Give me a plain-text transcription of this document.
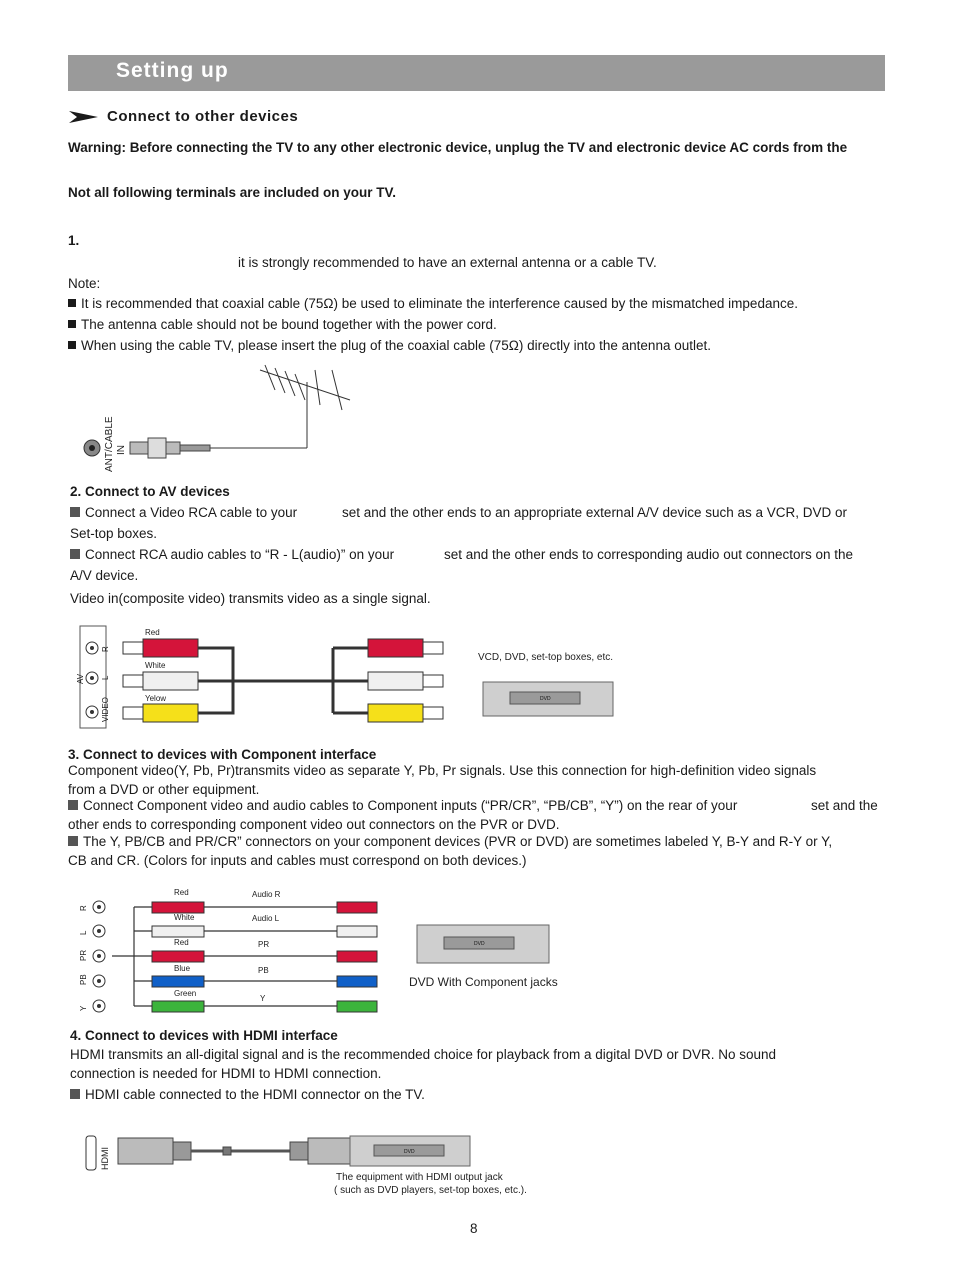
Setting up
Connect to other devices
Warning: Before connecting the TV to any other electronic device, unplug the TV and electronic device AC cords from the
Not all following terminals are included on your TV.
1.
it is strongly recommended to have an external antenna or a cable TV.
Note:
It is recommended that coaxial cable (75Ω) be used to eliminate the interference caused by the mismatched impedance.
The antenna cable should not be bound together with the power cord.
When using the cable TV, please insert the plug of the coaxial cable (75Ω) directly into the antenna outlet.
ANT/CABLE IN
2. Connect to AV devices
Connect a Video RCA cable to your	set and the other ends to an appropriate external A/V device such as a VCR, DVD or
Set-top boxes.
Connect RCA audio cables to “R - L(audio)” on your	set and the other ends to corresponding audio out connectors on the
A/V device.
Video in(composite video) transmits video as a single signal.
AV
R
L
VIDEO
Red
White
Yelow
VCD, DVD, set-top boxes, etc.
DVD
3. Connect to devices with Component interface
Component video(Y, Pb, Pr)transmits video as separate Y, Pb, Pr signals. Use this connection for high-definition video signals
from a DVD or other equipment.
Connect Component video and audio cables to Component inputs (“PR/CR”, “PB/CB”, “Y”) on the rear of your	set and the
other ends to corresponding component video out connectors on the PVR or DVD.
The Y, PB/CB and PR/CR” connectors on your component devices (PVR or DVD) are sometimes labeled Y, B-Y and R-Y or Y,
CB and CR. (Colors for inputs and cables must correspond on both devices.)
R
L
PR
PB
Y
Red
White
Red
Blue
Green
Audio R
Audio L
PR
PB
Y
DVD
DVD With Component jacks
4. Connect to devices with HDMI interface
HDMI transmits an all-digital signal and is the recommended choice for playback from a digital DVD or DVR. No sound
connection is needed for HDMI to HDMI connection.
HDMI cable connected to the HDMI connector on the TV.
HDMI	DVD
The equipment with HDMI output jack
( such as DVD players, set-top boxes, etc.).
8
